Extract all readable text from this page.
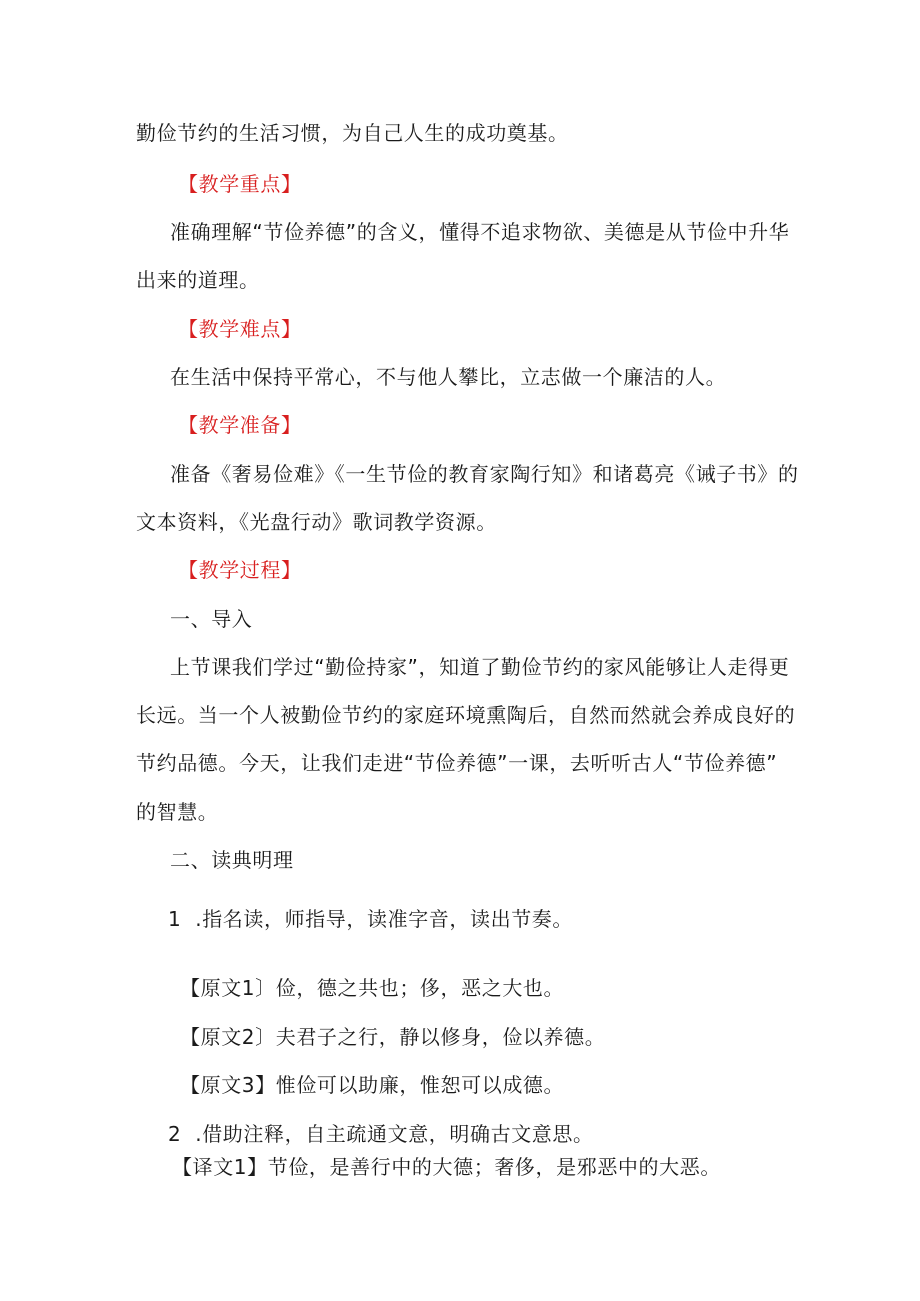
勤俭节约的生活习惯，为自己人生的成功奠基。
【教学重点】
准确理解“节俭养德”的含义，懂得不追求物欲、美德是从节俭中升华
出来的道理。
【教学难点】
在生活中保持平常心，不与他人攀比，立志做一个廉洁的人。
【教学准备】
准备《奢易俭难》《一生节俭的教育家陶行知》和诸葛亮《诫子书》的
文本资料，《光盘行动》歌词教学资源。
【教学过程】
一、导入
上节课我们学过“勤俭持家”，知道了勤俭节约的家风能够让人走得更
长远。当一个人被勤俭节约的家庭环境熏陶后，自然而然就会养成良好的
节约品德。今天，让我们走进“节俭养德”一课，去听听古人“节俭养德”
的智慧。
二、读典明理
1 .指名读，师指导，读准字音，读出节奏。
【原文1〕俭，德之共也；侈，恶之大也。
【原文2〕夫君子之行，静以修身，俭以养德。
【原文3】惟俭可以助廉，惟恕可以成德。
2 .借助注释，自主疏通文意，明确古文意思。
【译文1】节俭，是善行中的大德；奢侈，是邪恶中的大恶。
